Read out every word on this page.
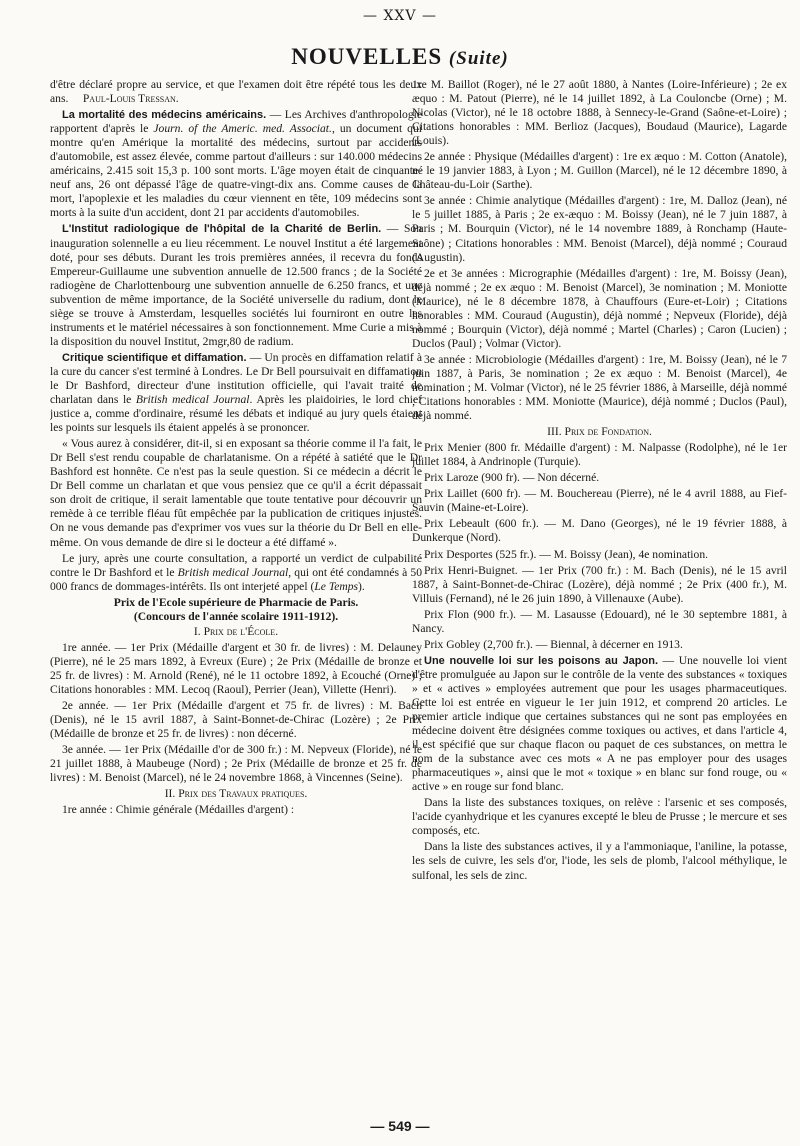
— XXV —
NOUVELLES (Suite)

d'être déclaré propre au service, et que l'examen doit être répété tous les deux ans. Paul-Louis Tressan.

La mortalité des médecins américains. — Les Archives d'anthropologie rapportent d'après le Journ. of the Americ. med. Associat., un document qui montre qu'en Amérique la mortalité des médecins, surtout par accidents d'automobile, est assez élevée, comme partout d'ailleurs : sur 140.000 médecins américains, 2.415 soit 15,3 p. 100 sont morts. L'âge moyen était de cinquante-neuf ans, 26 ont dépassé l'âge de quatre-vingt-dix ans. Comme causes de la mort, l'apoplexie et les maladies du cœur viennent en tête, 109 médecins sont morts à la suite d'un accident, dont 21 par accidents d'automobiles.

L'Institut radiologique de l'hôpital de la Charité de Berlin. — Son inauguration solennelle a eu lieu récemment. Le nouvel Institut a été largement doté, pour ses débuts. Durant les trois premières années, il recevra du fonds Empereur-Guillaume une subvention annuelle de 12.500 francs ; de la Société radiogène de Charlottenbourg une subvention annuelle de 6.250 francs, et une subvention de même importance, de la Société universelle du radium, dont le siège se trouve à Amsterdam, lesquelles sociétés lui fourniront en outre les instruments et le matériel nécessaires à son fonctionnement. Mme Curie a mis à la disposition du nouvel Institut, 2mgr,80 de radium.

Critique scientifique et diffamation. — Un procès en diffamation relatif à la cure du cancer s'est terminé à Londres. Le Dr Bell poursuivait en diffamation le Dr Bashford, directeur d'une institution officielle, qui l'avait traité de charlatan dans le British medical Journal. Après les plaidoiries, le lord chief justice a, comme d'ordinaire, résumé les débats et indiqué au jury quels étaient les points sur lesquels ils étaient appelés à se prononcer.

« Vous aurez à considérer, dit-il, si en exposant sa théorie comme il l'a fait, le Dr Bell s'est rendu coupable de charlatanisme. On a répété à satiété que le Dr Bashford est honnête. Ce n'est pas la seule question. Si ce médecin a décrit le Dr Bell comme un charlatan et que vous pensiez que ce qu'il a écrit dépassait son droit de critique, il serait lamentable que toute tentative pour découvrir un remède à ce terrible fléau fût empêchée par la publication de critiques injustes. On ne vous demande pas d'exprimer vos vues sur la théorie du Dr Bell en elle-même. On vous demande de dire si le docteur a été diffamé ».

Le jury, après une courte consultation, a rapporté un verdict de culpabilité contre le Dr Bashford et le British medical Journal, qui ont été condamnés à 50 000 francs de dommages-intérêts. Ils ont interjeté appel (Le Temps).

Prix de l'Ecole supérieure de Pharmacie de Paris.

(Concours de l'année scolaire 1911-1912).

I. Prix de l'École.

1re année. — 1er Prix (Médaille d'argent et 30 fr. de livres) : M. Delauney (Pierre), né le 25 mars 1892, à Evreux (Eure) ; 2e Prix (Médaille de bronze et 25 fr. de livres) : M. Arnold (René), né le 11 octobre 1892, à Ecouché (Orne) ; Citations honorables : MM. Lecoq (Raoul), Perrier (Jean), Villette (Henri).

2e année. — 1er Prix (Médaille d'argent et 75 fr. de livres) : M. Bach (Denis), né le 15 avril 1887, à Saint-Bonnet-de-Chirac (Lozère) ; 2e Prix (Médaille de bronze et 25 fr. de livres) : non décerné.

3e année. — 1er Prix (Médaille d'or de 300 fr.) : M. Nepveux (Floride), né le 21 juillet 1888, à Maubeuge (Nord) ; 2e Prix (Médaille de bronze et 25 fr. de livres) : M. Benoist (Marcel), né le 24 novembre 1868, à Vincennes (Seine).

II. Prix des Travaux pratiques.

1re année : Chimie générale (Médailles d'argent) :

1re M. Baillot (Roger), né le 27 août 1880, à Nantes (Loire-Inférieure) ; 2e ex æquo : M. Patout (Pierre), né le 14 juillet 1892, à La Couloncbe (Orne) ; M. Nicolas (Victor), né le 18 octobre 1888, à Sennecy-le-Grand (Saône-et-Loire) ; Citations honorables : MM. Berlioz (Jacques), Boudaud (Maurice), Lagarde (Louis).

2e année : Physique (Médailles d'argent) : 1re ex æquo : M. Cotton (Anatole), né le 19 janvier 1883, à Lyon ; M. Guillon (Marcel), né le 12 décembre 1890, à Château-du-Loir (Sarthe).

3e année : Chimie analytique (Médailles d'argent) : 1re, M. Dalloz (Jean), né le 5 juillet 1885, à Paris ; 2e ex-æquo : M. Boissy (Jean), né le 7 juin 1887, à Paris ; M. Bourquin (Victor), né le 14 novembre 1889, à Ronchamp (Haute-Saône) ; Citations honorables : MM. Benoist (Marcel), déjà nommé ; Couraud (Augustin).

2e et 3e années : Micrographie (Médailles d'argent) : 1re, M. Boissy (Jean), déjà nommé ; 2e ex æquo : M. Benoist (Marcel), 3e nomination ; M. Moniotte (Maurice), né le 8 décembre 1878, à Chauffours (Eure-et-Loir) ; Citations honorables : MM. Couraud (Augustin), déjà nommé ; Nepveux (Floride), déjà nommé ; Bourquin (Victor), déjà nommé ; Martel (Charles) ; Caron (Lucien) ; Duclos (Paul) ; Volmar (Victor).

3e année : Microbiologie (Médailles d'argent) : 1re, M. Boissy (Jean), né le 7 juin 1887, à Paris, 3e nomination ; 2e ex æquo : M. Benoist (Marcel), 4e nomination ; M. Volmar (Victor), né le 25 février 1886, à Marseille, déjà nommé ; Citations honorables : MM. Moniotte (Maurice), déjà nommé ; Duclos (Paul), déjà nommé.

III. Prix de Fondation.

Prix Menier (800 fr. Médaille d'argent) : M. Nalpasse (Rodolphe), né le 1er juillet 1884, à Andrinople (Turquie).

Prix Laroze (900 fr). — Non décerné.

Prix Laillet (600 fr). — M. Bouchereau (Pierre), né le 4 avril 1888, au Fief-Sauvin (Maine-et-Loire).

Prix Lebeault (600 fr.). — M. Dano (Georges), né le 19 février 1888, à Dunkerque (Nord).

Prix Desportes (525 fr.). — M. Boissy (Jean), 4e nomination.

Prix Henri-Buignet. — 1er Prix (700 fr.) : M. Bach (Denis), né le 15 avril 1887, à Saint-Bonnet-de-Chirac (Lozère), déjà nommé ; 2e Prix (400 fr.), M. Villuis (Fernand), né le 26 juin 1890, à Villenauxe (Aube).

Prix Flon (900 fr.). — M. Lasausse (Edouard), né le 30 septembre 1881, à Nancy.

Prix Gobley (2,700 fr.). — Biennal, à décerner en 1913.

Une nouvelle loi sur les poisons au Japon. — Une nouvelle loi vient d'être promulguée au Japon sur le contrôle de la vente des substances « toxiques » et « actives » employées autrement que pour les usages pharmaceutiques. Cette loi est entrée en vigueur le 1er juin 1912, et comprend 20 articles. Le premier article indique que certaines substances qui ne sont pas employées en médecine doivent être désignées comme toxiques ou actives, et dans l'article 4, il est spécifié que sur chaque flacon ou paquet de ces substances, on mettra le nom de la substance avec ces mots « A ne pas employer pour des usages pharmaceutiques », ainsi que le mot « toxique » en blanc sur fond rouge, ou « active » en rouge sur fond blanc.

Dans la liste des substances toxiques, on relève : l'arsenic et ses composés, l'acide cyanhydrique et les cyanures excepté le bleu de Prusse ; le mercure et ses composés, etc.

Dans la liste des substances actives, il y a l'ammoniaque, l'aniline, la potasse, les sels de cuivre, les sels d'or, l'iode, les sels de plomb, l'alcool méthylique, le sulfonal, les sels de zinc.

— 549 —
